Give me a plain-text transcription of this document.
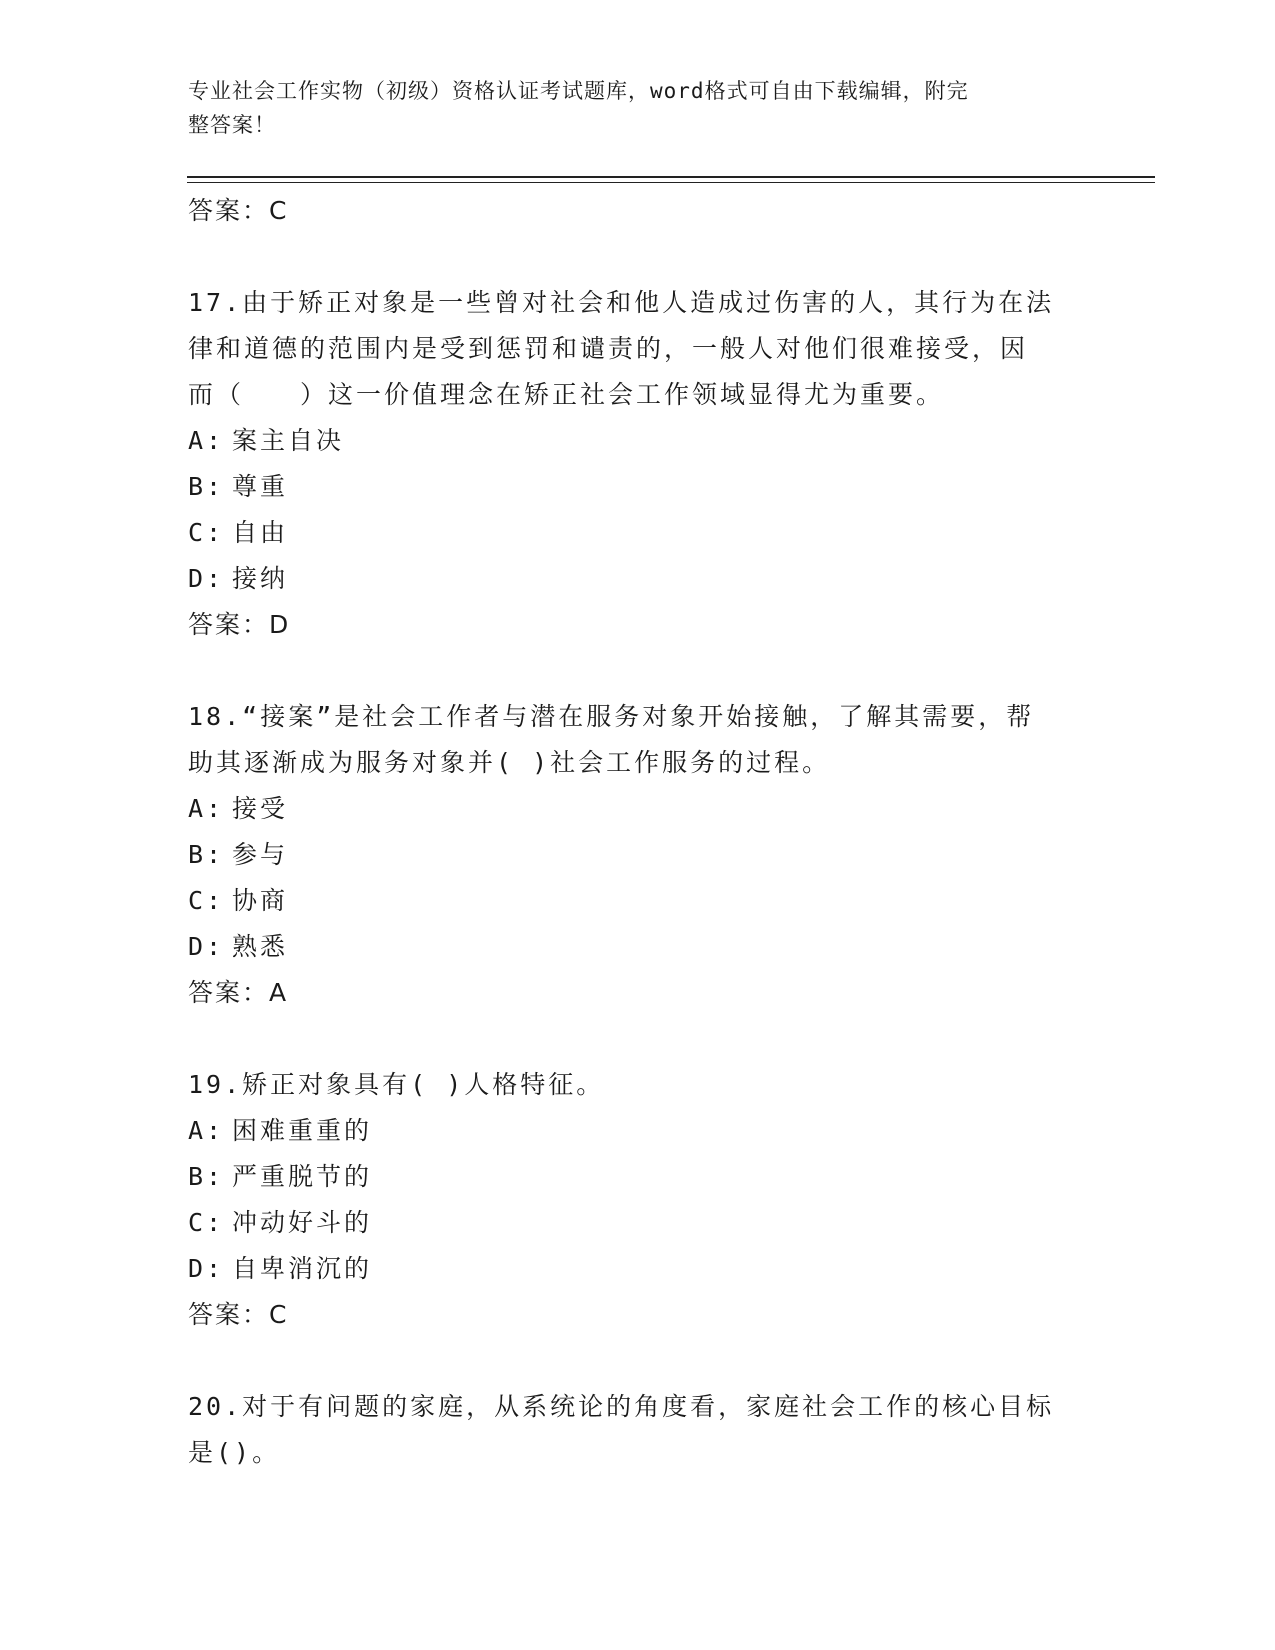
专业社会工作实物（初级）资格认证考试题库，word格式可自由下载编辑，附完
整答案！
答案：C
17.由于矫正对象是一些曾对社会和他人造成过伤害的人，其行为在法
律和道德的范围内是受到惩罚和谴责的，一般人对他们很难接受，因
而（　　）这一价值理念在矫正社会工作领域显得尤为重要。
A: 案主自决
B: 尊重
C: 自由
D: 接纳
答案：D
18.“接案”是社会工作者与潜在服务对象开始接触，了解其需要，帮
助其逐渐成为服务对象并( )社会工作服务的过程。
A: 接受
B: 参与
C: 协商
D: 熟悉
答案：A
19.矫正对象具有( )人格特征。
A: 困难重重的
B: 严重脱节的
C: 冲动好斗的
D: 自卑消沉的
答案：C
20.对于有问题的家庭，从系统论的角度看，家庭社会工作的核心目标
是()。
